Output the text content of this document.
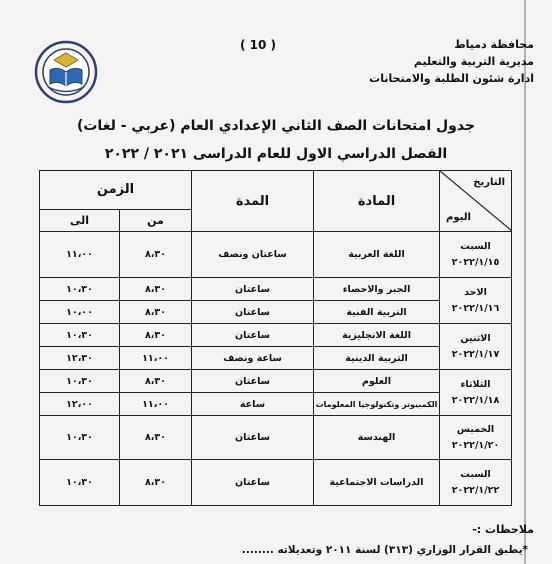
محافظة دمياط
مديرية التربية والتعليم
ادارة شئون الطلبة والامتحانات
( 10 )
جدول امتحانات الصف الثاني الإعدادي العام (عربي - لغات)
الفصل الدراسي الاول للعام الدراسى ٢٠٢١ / ٢٠٢٢
التاريخ
اليوم	المادة	المدة	الزمن	
			من	الى

السبت
٢٠٢٢/١/١٥	اللغة العربية	ساعتان ونصف	٨،٣٠	١١،٠٠

الاحد
٢٠٢٢/١/١٦	الجبر والاحصاء	ساعتان	٨،٣٠	١٠،٣٠
	التربية الفنية	ساعتان	٨،٣٠	١٠،٠٠

الاثنين
٢٠٢٢/١/١٧	اللغة الانجليزية	ساعتان	٨،٣٠	١٠،٣٠
	التربية الدينية	ساعة ونصف	١١،٠٠	١٢،٣٠

الثلاثاء
٢٠٢٢/١/١٨	العلوم	ساعتان	٨،٣٠	١٠،٣٠
	الكمبيوتر وتكنولوجيا المعلومات	ساعة	١١،٠٠	١٢،٠٠

الخميس
٢٠٢٢/١/٢٠	الهندسة	ساعتان	٨،٣٠	١٠،٣٠

السبت
٢٠٢٢/١/٢٢	الدراسات الاجتماعية	ساعتان	٨،٣٠	١٠،٣٠
ملاحظات :-
*يطبق القرار الوزاري (٣١٣) لسنة ٢٠١١ وتعديلاته ........
